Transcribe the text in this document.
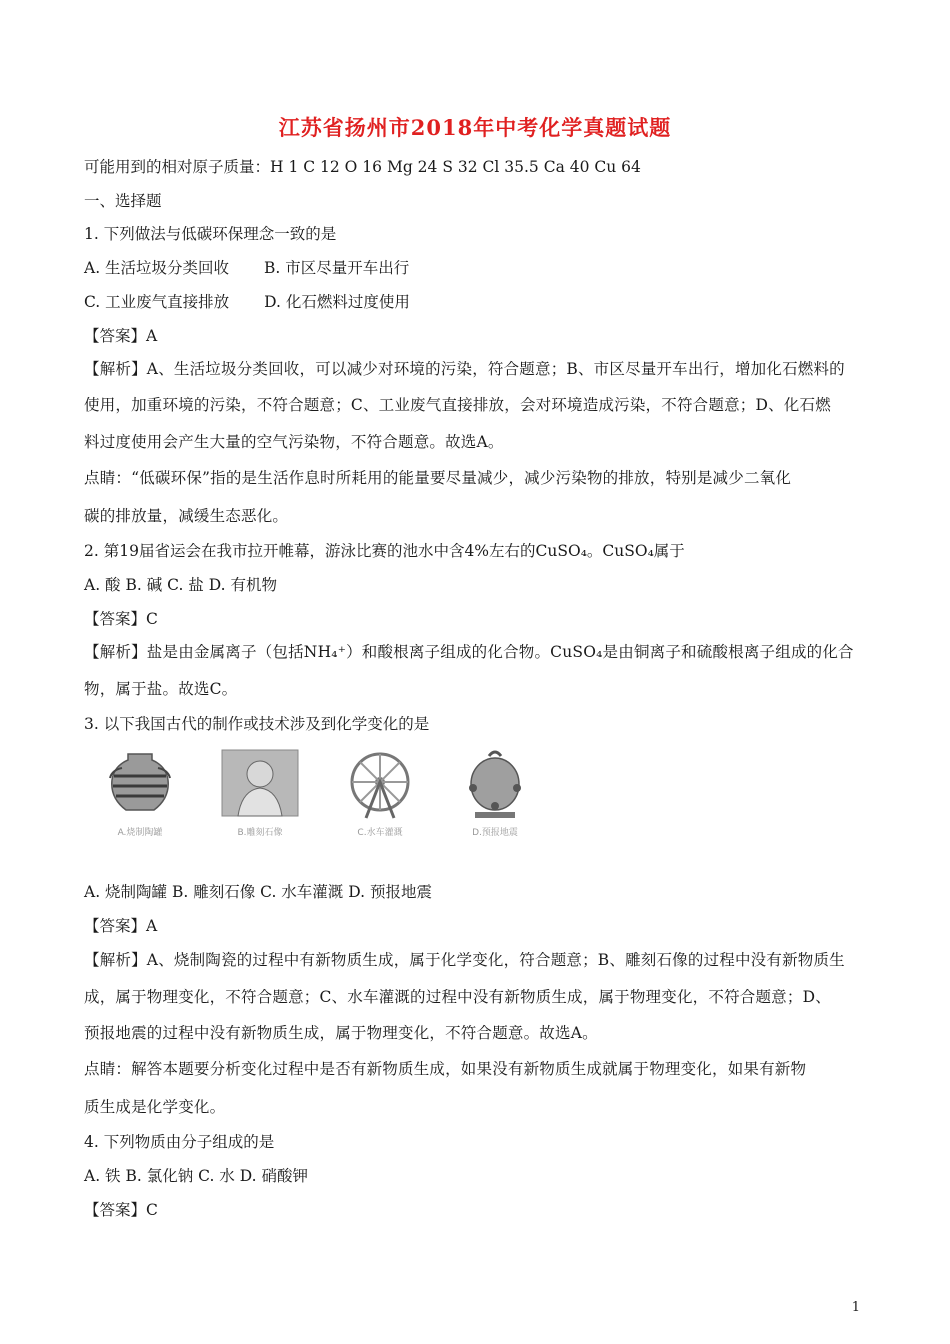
江苏省扬州市2018年中考化学真题试题
可能用到的相对原子质量：H 1 C 12 O 16 Mg 24 S 32 Cl 35.5 Ca 40 Cu 64
一、选择题
1. 下列做法与低碳环保理念一致的是
A. 生活垃圾分类回收 B. 市区尽量开车出行
C. 工业废气直接排放 D. 化石燃料过度使用
【答案】A
【解析】A、生活垃圾分类回收，可以减少对环境的污染，符合题意；B、市区尽量开车出行，增加化石燃料的
使用，加重环境的污染，不符合题意；C、工业废气直接排放，会对环境造成污染，不符合题意；D、化石燃
料过度使用会产生大量的空气污染物，不符合题意。故选A。
点睛：“低碳环保”指的是生活作息时所耗用的能量要尽量减少，减少污染物的排放，特别是减少二氧化
碳的排放量，减缓生态恶化。
2. 第19届省运会在我市拉开帷幕，游泳比赛的池水中含4%左右的CuSO₄。CuSO₄属于
A. 酸 B. 碱 C. 盐 D. 有机物
【答案】C
【解析】盐是由金属离子（包括NH₄⁺）和酸根离子组成的化合物。CuSO₄是由铜离子和硫酸根离子组成的化合
物，属于盐。故选C。
3. 以下我国古代的制作或技术涉及到化学变化的是
A.烧制陶罐	B.雕刻石像	C.水车灌溉	D.预报地震
A. 烧制陶罐 B. 雕刻石像 C. 水车灌溉 D. 预报地震
【答案】A
【解析】A、烧制陶瓷的过程中有新物质生成，属于化学变化，符合题意；B、雕刻石像的过程中没有新物质生
成，属于物理变化，不符合题意；C、水车灌溉的过程中没有新物质生成，属于物理变化，不符合题意；D、
预报地震的过程中没有新物质生成，属于物理变化，不符合题意。故选A。
点睛：解答本题要分析变化过程中是否有新物质生成，如果没有新物质生成就属于物理变化，如果有新物
质生成是化学变化。
4. 下列物质由分子组成的是
A. 铁 B. 氯化钠 C. 水 D. 硝酸钾
【答案】C
1
